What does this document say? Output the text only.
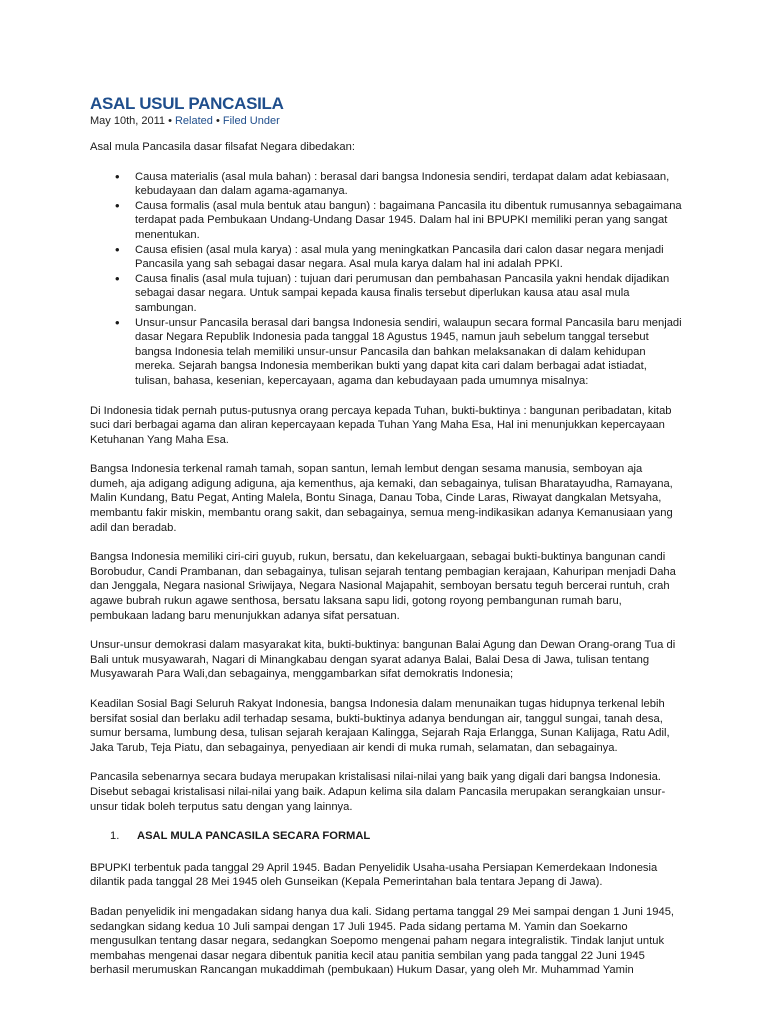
ASAL USUL PANCASILA
May 10th, 2011 • Related • Filed Under

Asal mula Pancasila dasar filsafat Negara dibedakan:

• Causa materialis (asal mula bahan) : berasal dari bangsa Indonesia sendiri, terdapat dalam adat kebiasaan, kebudayaan dan dalam agama-agamanya.
• Causa formalis (asal mula bentuk atau bangun) : bagaimana Pancasila itu dibentuk rumusannya sebagaimana terdapat pada Pembukaan Undang-Undang Dasar 1945. Dalam hal ini BPUPKI memiliki peran yang sangat menentukan.
• Causa efisien (asal mula karya) : asal mula yang meningkatkan Pancasila dari calon dasar negara menjadi Pancasila yang sah sebagai dasar negara. Asal mula karya dalam hal ini adalah PPKI.
• Causa finalis (asal mula tujuan) : tujuan dari perumusan dan pembahasan Pancasila yakni hendak dijadikan sebagai dasar negara. Untuk sampai kepada kausa finalis tersebut diperlukan kausa atau asal mula sambungan.
• Unsur-unsur Pancasila berasal dari bangsa Indonesia sendiri, walaupun secara formal Pancasila baru menjadi dasar Negara Republik Indonesia pada tanggal 18 Agustus 1945, namun jauh sebelum tanggal tersebut bangsa Indonesia telah memiliki unsur-unsur Pancasila dan bahkan melaksanakan di dalam kehidupan mereka. Sejarah bangsa Indonesia memberikan bukti yang dapat kita cari dalam berbagai adat istiadat, tulisan, bahasa, kesenian, kepercayaan, agama dan kebudayaan pada umumnya misalnya:

Di Indonesia tidak pernah putus-putusnya orang percaya kepada Tuhan, bukti-buktinya : bangunan peribadatan, kitab suci dari berbagai agama dan aliran kepercayaan kepada Tuhan Yang Maha Esa, Hal ini menunjukkan kepercayaan Ketuhanan Yang Maha Esa.

Bangsa Indonesia terkenal ramah tamah, sopan santun, lemah lembut dengan sesama manusia, semboyan aja dumeh, aja adigang adigung adiguna, aja kementhus, aja kemaki, dan sebagainya, tulisan Bharatayudha, Ramayana, Malin Kundang, Batu Pegat, Anting Malela, Bontu Sinaga, Danau Toba, Cinde Laras, Riwayat dangkalan Metsyaha, membantu fakir miskin, membantu orang sakit, dan sebagainya, semua meng-indikasikan adanya Kemanusiaan yang adil dan beradab.

Bangsa Indonesia memiliki ciri-ciri guyub, rukun, bersatu, dan kekeluargaan, sebagai bukti-buktinya bangunan candi Borobudur, Candi Prambanan, dan sebagainya, tulisan sejarah tentang pembagian kerajaan, Kahuripan menjadi Daha dan Jenggala, Negara nasional Sriwijaya, Negara Nasional Majapahit, semboyan bersatu teguh bercerai runtuh, crah agawe bubrah rukun agawe senthosa, bersatu laksana sapu lidi, gotong royong pembangunan rumah baru, pembukaan ladang baru menunjukkan adanya sifat persatuan.

Unsur-unsur demokrasi dalam masyarakat kita, bukti-buktinya: bangunan Balai Agung dan Dewan Orang-orang Tua di Bali untuk musyawarah, Nagari di Minangkabau dengan syarat adanya Balai, Balai Desa di Jawa, tulisan tentang Musyawarah Para Wali,dan sebagainya, menggambarkan sifat demokratis Indonesia;

Keadilan Sosial Bagi Seluruh Rakyat Indonesia, bangsa Indonesia dalam menunaikan tugas hidupnya terkenal lebih bersifat sosial dan berlaku adil terhadap sesama, bukti-buktinya adanya bendungan air, tanggul sungai, tanah desa, sumur bersama, lumbung desa, tulisan sejarah kerajaan Kalingga, Sejarah Raja Erlangga, Sunan Kalijaga, Ratu Adil, Jaka Tarub, Teja Piatu, dan sebagainya, penyediaan air kendi di muka rumah, selamatan, dan sebagainya.

Pancasila sebenarnya secara budaya merupakan kristalisasi nilai-nilai yang baik yang digali dari bangsa Indonesia. Disebut sebagai kristalisasi nilai-nilai yang baik. Adapun kelima sila dalam Pancasila merupakan serangkaian unsur-unsur tidak boleh terputus satu dengan yang lainnya.

1. ASAL MULA PANCASILA SECARA FORMAL

BPUPKI terbentuk pada tanggal 29 April 1945. Badan Penyelidik Usaha-usaha Persiapan Kemerdekaan Indonesia dilantik pada tanggal 28 Mei 1945 oleh Gunseikan (Kepala Pemerintahan bala tentara Jepang di Jawa).

Badan penyelidik ini mengadakan sidang hanya dua kali. Sidang pertama tanggal 29 Mei sampai dengan 1 Juni 1945, sedangkan sidang kedua 10 Juli sampai dengan 17 Juli 1945. Pada sidang pertama M. Yamin dan Soekarno mengusulkan tentang dasar negara, sedangkan Soepomo mengenai paham negara integralistik. Tindak lanjut untuk membahas mengenai dasar negara dibentuk panitia kecil atau panitia sembilan yang pada tanggal 22 Juni 1945 berhasil merumuskan Rancangan mukaddimah (pembukaan) Hukum Dasar, yang oleh Mr. Muhammad Yamin
